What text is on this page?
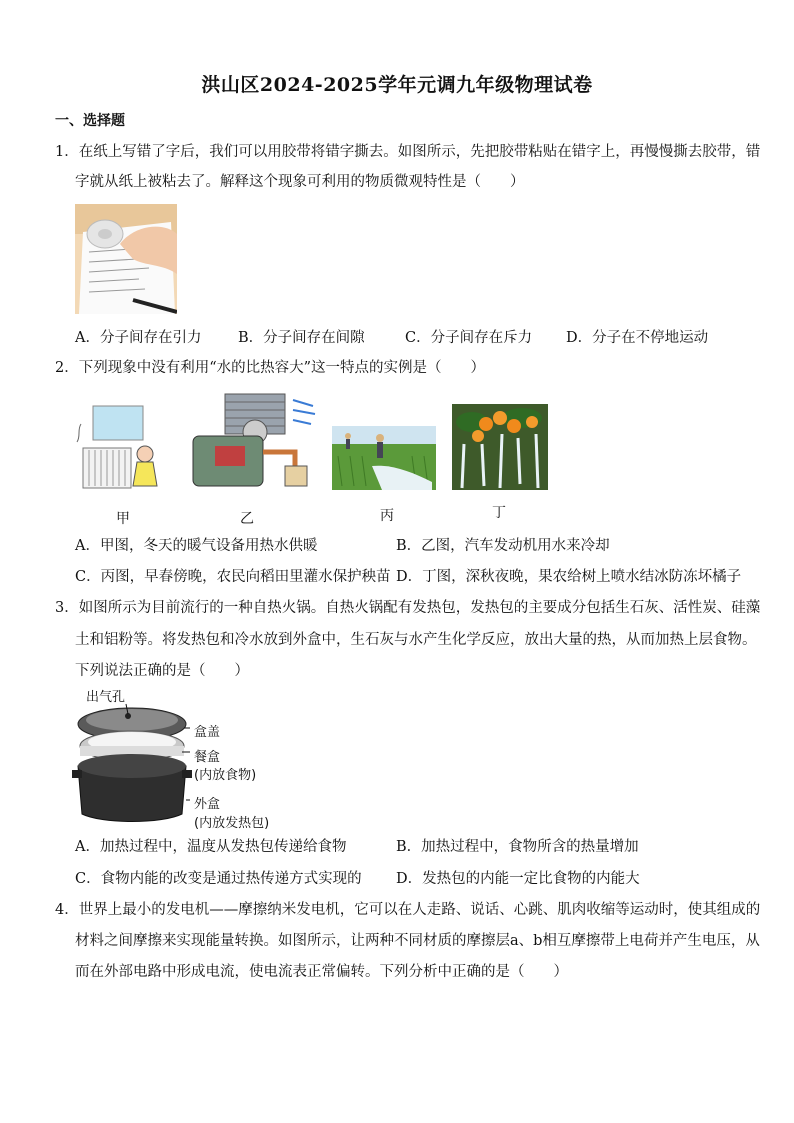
洪山区2024-2025学年元调九年级物理试卷
一、选择题
1．在纸上写错了字后，我们可以用胶带将错字撕去。如图所示，先把胶带粘贴在错字上，再慢慢撕去胶带，错
字就从纸上被粘去了。解释这个现象可利用的物质微观特性是（　　）
A．分子间存在引力	B．分子间存在间隙	C．分子间存在斥力 D．分子在不停地运动
2．下列现象中没有利用“水的比热容大”这一特点的实例是（　　）
甲	乙	丙	丁
A．甲图，冬天的暖气设备用热水供暖	B．乙图，汽车发动机用水来冷却
C．丙图，早春傍晚，农民向稻田里灌水保护秧苗 D．丁图，深秋夜晚，果农给树上喷水结冰防冻坏橘子
3．如图所示为目前流行的一种自热火锅。自热火锅配有发热包，发热包的主要成分包括生石灰、活性炭、硅藻
土和铝粉等。将发热包和冷水放到外盒中，生石灰与水产生化学反应，放出大量的热，从而加热上层食物。
下列说法正确的是（　　）
出气孔
盒盖
餐盒
(内放食物)
外盒
(内放发热包)
A．加热过程中，温度从发热包传递给食物	B．加热过程中，食物所含的热量增加
C．食物内能的改变是通过热传递方式实现的 D．发热包的内能一定比食物的内能大
4．世界上最小的发电机——摩擦纳米发电机，它可以在人走路、说话、心跳、肌肉收缩等运动时，使其组成的
材料之间摩擦来实现能量转换。如图所示，让两种不同材质的摩擦层a、b相互摩擦带上电荷并产生电压，从
而在外部电路中形成电流，使电流表正常偏转。下列分析中正确的是（　　）
